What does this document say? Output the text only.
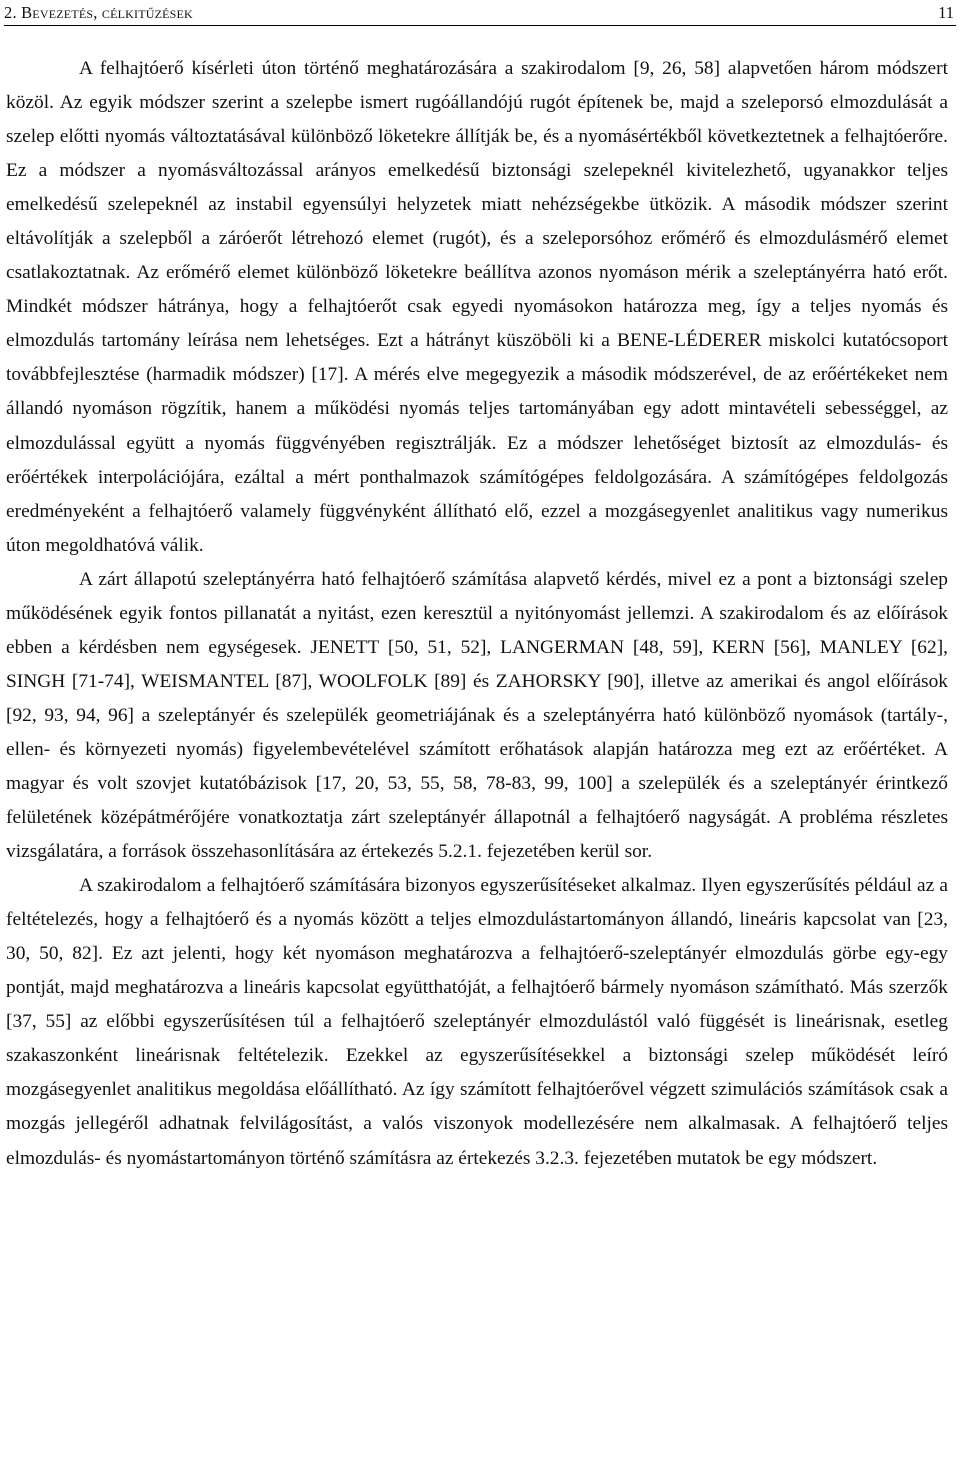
2. Bevezetés, célkitűzések	11

A felhajtóerő kísérleti úton történő meghatározására a szakirodalom [9, 26, 58] alapvetően három módszert közöl. Az egyik módszer szerint a szelepbe ismert rugóállandójú rugót építenek be, majd a szeleporsó elmozdulását a szelep előtti nyomás változtatásával különböző löketekre állítják be, és a nyomásértékből következtetnek a felhajtóerőre. Ez a módszer a nyomásváltozással arányos emelkedésű biztonsági szelepeknél kivitelezhető, ugyanakkor teljes emelkedésű szelepeknél az instabil egyensúlyi helyzetek miatt nehézségekbe ütközik. A második módszer szerint eltávolítják a szelepből a záróerőt létrehozó elemet (rugót), és a szeleporsóhoz erőmérő és elmozdulásmérő elemet csatlakoztatnak. Az erőmérő elemet különböző löketekre beállítva azonos nyomáson mérik a szeleptányérra ható erőt. Mindkét módszer hátránya, hogy a felhajtóerőt csak egyedi nyomásokon határozza meg, így a teljes nyomás és elmozdulás tartomány leírása nem lehetséges. Ezt a hátrányt küszöböli ki a BENE-LÉDERER miskolci kutatócsoport továbbfejlesztése (harmadik módszer) [17]. A mérés elve megegyezik a második módszerével, de az erőértékeket nem állandó nyomáson rögzítik, hanem a működési nyomás teljes tartományában egy adott mintavételi sebességgel, az elmozdulással együtt a nyomás függvényében regisztrálják. Ez a módszer lehetőséget biztosít az elmozdulás- és erőértékek interpolációjára, ezáltal a mért ponthalmazok számítógépes feldolgozására. A számítógépes feldolgozás eredményeként a felhajtóerő valamely függvényként állítható elő, ezzel a mozgásegyenlet analitikus vagy numerikus úton megoldhatóvá válik.

A zárt állapotú szeleptányérra ható felhajtóerő számítása alapvető kérdés, mivel ez a pont a biztonsági szelep működésének egyik fontos pillanatát a nyitást, ezen keresztül a nyitónyomást jellemzi. A szakirodalom és az előírások ebben a kérdésben nem egységesek. JENETT [50, 51, 52], LANGERMAN [48, 59], KERN [56], MANLEY [62], SINGH [71-74], WEISMANTEL [87], WOOLFOLK [89] és ZAHORSKY [90], illetve az amerikai és angol előírások [92, 93, 94, 96] a szeleptányér és szelepülék geometriájának és a szeleptányérra ható különböző nyomások (tartály-, ellen- és környezeti nyomás) figyelembevételével számított erőhatások alapján határozza meg ezt az erőértéket. A magyar és volt szovjet kutatóbázisok [17, 20, 53, 55, 58, 78-83, 99, 100] a szelepülék és a szeleptányér érintkező felületének középátmérőjére vonatkoztatja zárt szeleptányér állapotnál a felhajtóerő nagyságát. A probléma részletes vizsgálatára, a források összehasonlítására az értekezés 5.2.1. fejezetében kerül sor.

A szakirodalom a felhajtóerő számítására bizonyos egyszerűsítéseket alkalmaz. Ilyen egyszerűsítés például az a feltételezés, hogy a felhajtóerő és a nyomás között a teljes elmozdulástartományon állandó, lineáris kapcsolat van [23, 30, 50, 82]. Ez azt jelenti, hogy két nyomáson meghatározva a felhajtóerő-szeleptányér elmozdulás görbe egy-egy pontját, majd meghatározva a lineáris kapcsolat együtthatóját, a felhajtóerő bármely nyomáson számítható. Más szerzők [37, 55] az előbbi egyszerűsítésen túl a felhajtóerő szeleptányér elmozdulástól való függését is lineárisnak, esetleg szakaszonként lineárisnak feltételezik. Ezekkel az egyszerűsítésekkel a biztonsági szelep működését leíró mozgásegyenlet analitikus megoldása előállítható. Az így számított felhajtóerővel végzett szimulációs számítások csak a mozgás jellegéről adhatnak felvilágosítást, a valós viszonyok modellezésére nem alkalmasak. A felhajtóerő teljes elmozdulás- és nyomástartományon történő számításra az értekezés 3.2.3. fejezetében mutatok be egy módszert.
